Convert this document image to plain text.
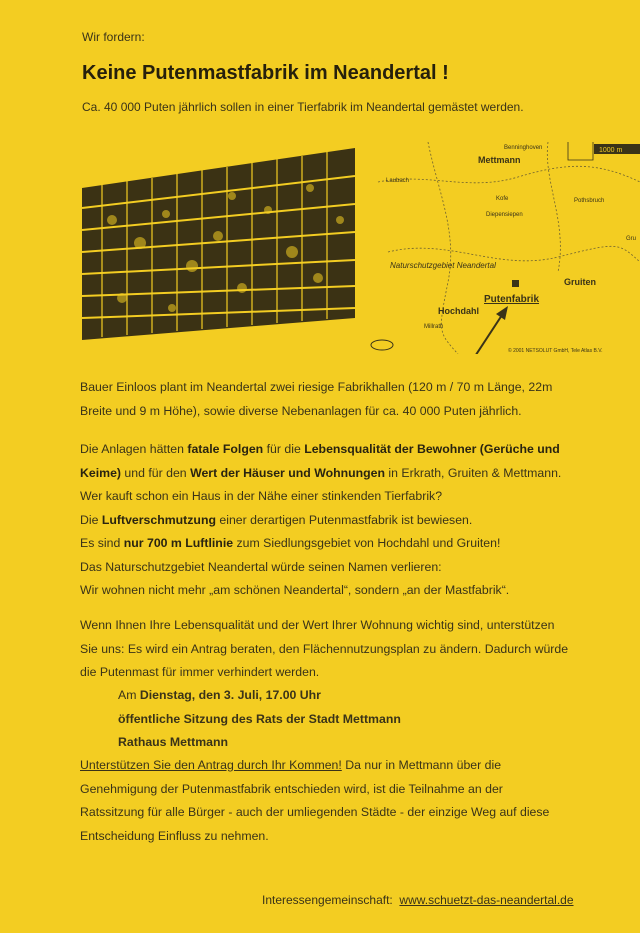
Wir fordern:
Keine Putenmastfabrik im Neandertal !
Ca. 40 000 Puten jährlich sollen in einer Tierfabrik im Neandertal gemästet werden.
1000 m
Benninghoven
Mettmann
Laubach
Kofe	Pothsbruch
Diepensiepen
Gru
Naturschutzgebiet Neandertal
Gruiten
Putenfabrik
Hochdahl
Millrath
© 2001 NETSOLUT GmbH, Tele Atlas B.V.

Bauer Einloos plant im Neandertal zwei riesige Fabrikhallen (120 m / 70 m Länge, 22m
Breite und 9 m Höhe), sowie diverse Nebenanlagen für ca. 40 000 Puten jährlich.

Die Anlagen hätten fatale Folgen für die Lebensqualität der Bewohner (Gerüche und
Keime) und für den Wert der Häuser und Wohnungen in Erkrath, Gruiten & Mettmann.
Wer kauft schon ein Haus in der Nähe einer stinkenden Tierfabrik?
Die Luftverschmutzung einer derartigen Putenmastfabrik ist bewiesen.
Es sind nur 700 m Luftlinie zum Siedlungsgebiet von Hochdahl und Gruiten!
Das Naturschutzgebiet Neandertal würde seinen Namen verlieren:
Wir wohnen nicht mehr „am schönen Neandertal“, sondern „an der Mastfabrik“.

Wenn Ihnen Ihre Lebensqualität und der Wert Ihrer Wohnung wichtig sind, unterstützen
Sie uns: Es wird ein Antrag beraten, den Flächennutzungsplan zu ändern. Dadurch würde
die Putenmast für immer verhindert werden.

Am Dienstag, den 3. Juli, 17.00 Uhr
öffentliche Sitzung des Rats der Stadt Mettmann
Rathaus Mettmann

Unterstützen Sie den Antrag durch Ihr Kommen! Da nur in Mettmann über die
Genehmigung der Putenmastfabrik entschieden wird, ist die Teilnahme an der
Ratssitzung für alle Bürger - auch der umliegenden Städte - der einzige Weg auf diese
Entscheidung Einfluss zu nehmen.

Interessengemeinschaft: www.schuetzt-das-neandertal.de
